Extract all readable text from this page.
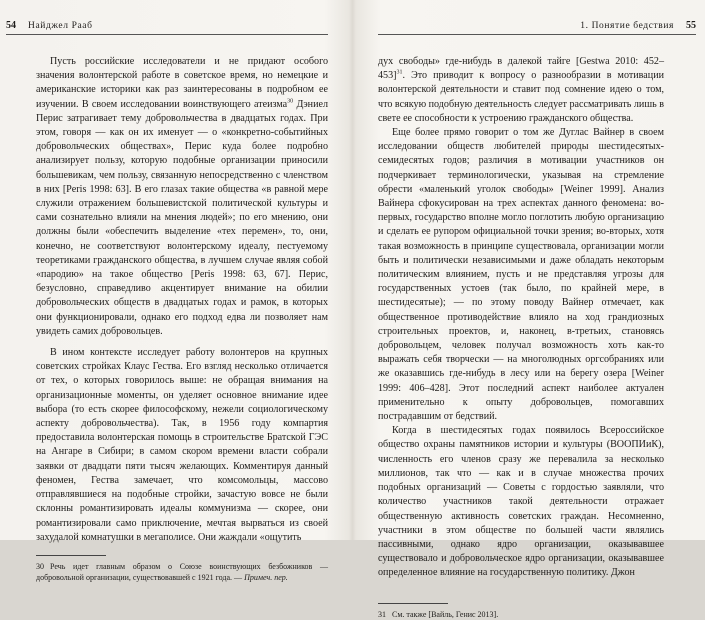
54	Найджел Рааб

Пусть российские исследователи и не придают особого значения волонтерской работе в советское время, но немецкие и американские историки как раз заинтересованы в подробном ее изучении. В своем исследовании воинствующего атеизма$^{30}$ Дэниел Перис затрагивает тему добровольчества в двадцатых годах. При этом, говоря — как он их именует — о «конкретно-событийных добровольческих обществах», Перис куда более подробно анализирует пользу, которую подобные организации приносили большевикам, чем пользу, связанную непосредственно с членством в них [Peris 1998: 63]. В его глазах такие общества «в равной мере служили отражением большевистской политической культуры и сами сознательно влияли на мнения людей»; по его мнению, они должны были «обеспечить выделение «тех перемен», то, они, конечно, не соответствуют волонтерскому идеалу, пестуемому теоретиками гражданского общества, в лучшем случае являя собой «пародию» на такое общество [Peris 1998: 63, 67]. Перис, безусловно, справедливо акцентирует внимание на обилии добровольческих обществ в двадцатых годах и рамок, в которых они функционировали, однако его подход едва ли позволяет нам увидеть самих добровольцев.

В ином контексте исследует работу волонтеров на крупных советских стройках Клаус Гества. Его взгляд несколько отличается от тех, о которых говорилось выше: не обращая внимания на организационные моменты, он уделяет основное внимание идее выбора (то есть скорее философскому, нежели социологическому аспекту добровольчества). Так, в 1956 году компартия предоставила волонтерская помощь в строительстве Братской ГЭС на Ангаре в Сибири; в самом скором времени власти собрали заявки от двадцати пяти тысяч желающих. Комментируя данный феномен, Гества замечает, что комсомольцы, массово отправлявшиеся на подобные стройки, зачастую вовсе не были склонны романтизировать идеалы коммунизма — скорее, они романтизировали само приключение, мечтая вырваться из своей захудалой комнатушки в мегаполисе. Они жаждали «ощутить

30 Речь идет главным образом о Союзе воинствующих безбожников — добровольной организации, существовавшей с 1921 года. — Примеч. пер.

1. Понятие бедствия	55

дух свободы» где-нибудь в далекой тайге [Gestwa 2010: 452–453]$^{31}$. Это приводит к вопросу о разнообразии в мотивации волонтерской деятельности и ставит под сомнение идею о том, что всякую подобную деятельность следует рассматривать лишь в свете ее способности к устроению гражданского общества.

Еще более прямо говорит о том же Дуглас Вайнер в своем исследовании обществ любителей природы шестидесятых-семидесятых годов; различия в мотивации участников он подчеркивает терминологически, указывая на стремление обрести «маленький уголок свободы» [Weiner 1999]. Анализ Вайнера сфокусирован на трех аспектах данного феномена: во-первых, государство вполне могло поглотить любую организацию и сделать ее рупором официальной точки зрения; во-вторых, хотя такая возможность в принципе существовала, организации могли быть и политически независимыми и даже обладать некоторым политическим влиянием, пусть и не представляя угрозы для государственных устоев (так было, по крайней мере, в шестидесятые); — по этому поводу Вайнер отмечает, как общественное противодействие влияло на ход грандиозных строительных проектов, и, наконец, в-третьих, становясь добровольцем, человек получал возможность хоть как-то выражать себя творчески — на многолюдных оргсобраниях или же оказавшись где-нибудь в лесу или на берегу озера [Weiner 1999: 406–428]. Этот последний аспект наиболее актуален применительно к опыту добровольцев, помогавших пострадавшим от бедствий.

Когда в шестидесятых годах появилось Всероссийское общество охраны памятников истории и культуры (ВООПИиК), численность его членов сразу же перевалила за несколько миллионов, так что — как и в случае множества прочих подобных организаций — Советы с гордостью заявляли, что количество участников такой деятельности отражает общественную активность советских граждан. Несомненно, участники в этом обществе по большей части являлись пассивными, однако ядро организации, оказывавшее существовало и добровольческое ядро организации, оказывавшее определенное влияние на государственную политику. Джон

31 См. также [Вайль, Генис 2013].
